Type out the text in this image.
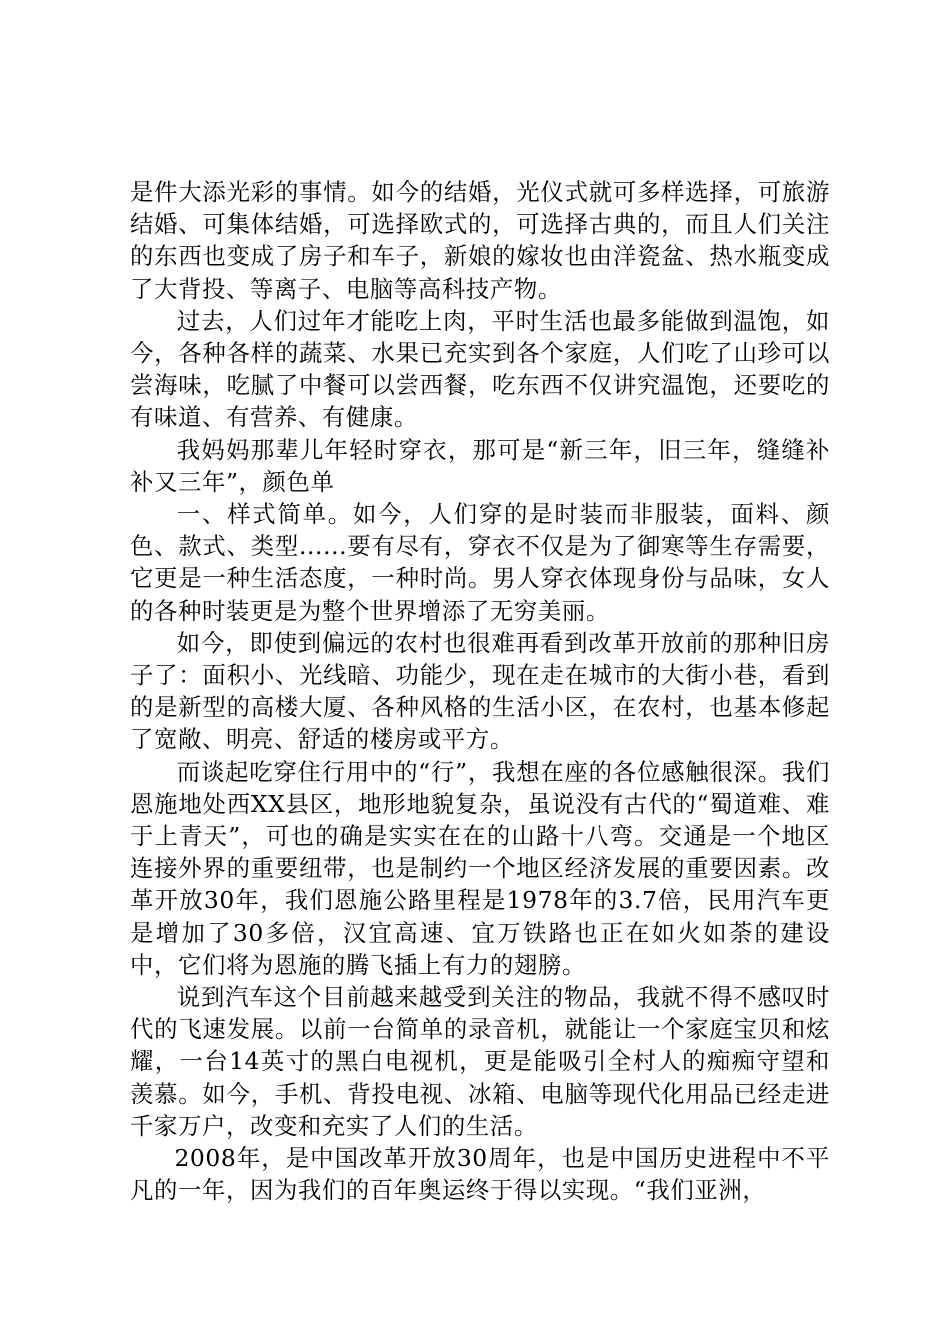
是件大添光彩的事情。如今的结婚，光仪式就可多样选择，可旅游结婚、可集体结婚，可选择欧式的，可选择古典的，而且人们关注的东西也变成了房子和车子，新娘的嫁妆也由洋瓷盆、热水瓶变成了大背投、等离子、电脑等高科技产物。

过去，人们过年才能吃上肉，平时生活也最多能做到温饱，如今，各种各样的蔬菜、水果已充实到各个家庭，人们吃了山珍可以尝海味，吃腻了中餐可以尝西餐，吃东西不仅讲究温饱，还要吃的有味道、有营养、有健康。

我妈妈那辈儿年轻时穿衣，那可是“新三年，旧三年，缝缝补补又三年”，颜色单

一、样式简单。如今，人们穿的是时装而非服装，面料、颜色、款式、类型......要有尽有，穿衣不仅是为了御寒等生存需要，它更是一种生活态度，一种时尚。男人穿衣体现身份与品味，女人的各种时装更是为整个世界增添了无穷美丽。

如今，即使到偏远的农村也很难再看到改革开放前的那种旧房子了：面积小、光线暗、功能少，现在走在城市的大街小巷，看到的是新型的高楼大厦、各种风格的生活小区，在农村，也基本修起了宽敞、明亮、舒适的楼房或平方。

而谈起吃穿住行用中的“行”，我想在座的各位感触很深。我们恩施地处西XX县区，地形地貌复杂，虽说没有古代的“蜀道难、难于上青天”，可也的确是实实在在的山路十八弯。交通是一个地区连接外界的重要纽带，也是制约一个地区经济发展的重要因素。改革开放30年，我们恩施公路里程是1978年的3.7倍，民用汽车更是增加了30多倍，汉宜高速、宜万铁路也正在如火如荼的建设中，它们将为恩施的腾飞插上有力的翅膀。

说到汽车这个目前越来越受到关注的物品，我就不得不感叹时代的飞速发展。以前一台简单的录音机，就能让一个家庭宝贝和炫耀，一台14英寸的黑白电视机，更是能吸引全村人的痴痴守望和羡慕。如今，手机、背投电视、冰箱、电脑等现代化用品已经走进千家万户，改变和充实了人们的生活。

2008年，是中国改革开放30周年，也是中国历史进程中不平凡的一年，因为我们的百年奥运终于得以实现。“我们亚洲，
